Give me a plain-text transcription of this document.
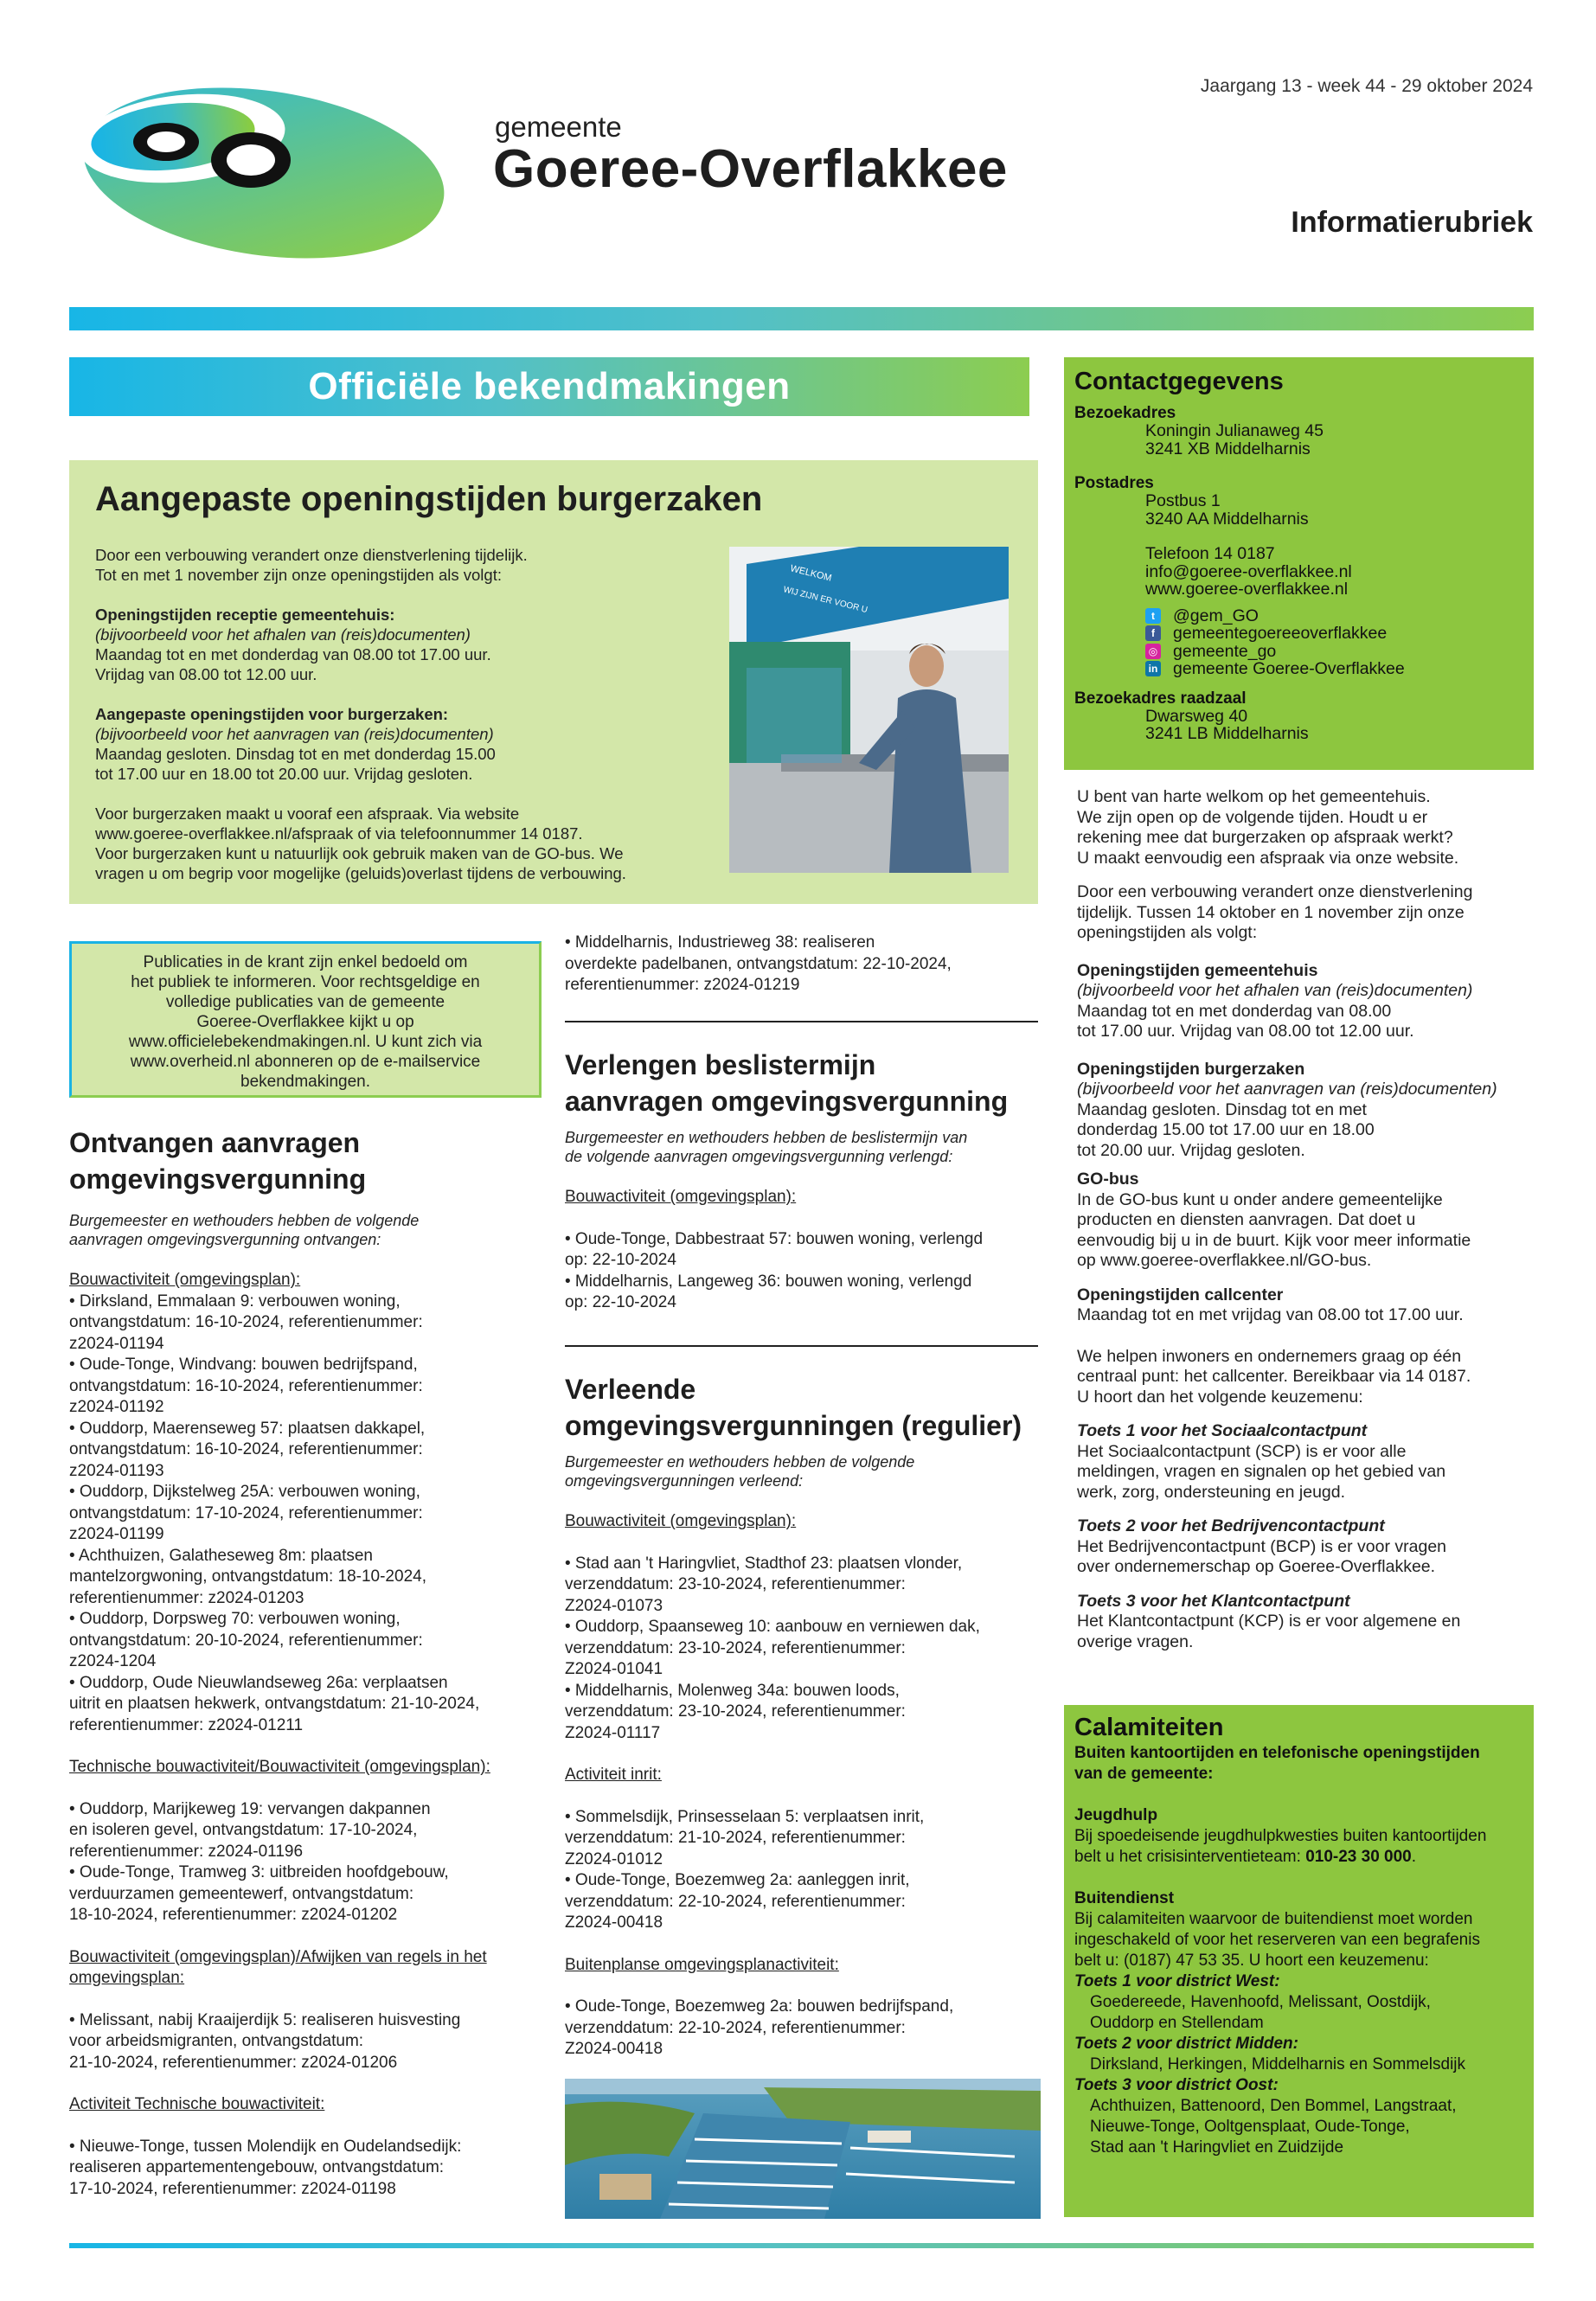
gemeente
Goeree-Overflakkee
Jaargang 13 - week 44 - 29 oktober 2024
Informatierubriek
Officiële bekendmakingen
Aangepaste openingstijden burgerzaken

Door een verbouwing verandert onze dienstverlening tijdelijk.
Tot en met 1 november zijn onze openingstijden als volgt:

Openingstijden receptie gemeentehuis:
(bijvoorbeeld voor het afhalen van (reis)documenten)
Maandag tot en met donderdag van 08.00 tot 17.00 uur.
Vrijdag van 08.00 tot 12.00 uur.

Aangepaste openingstijden voor burgerzaken:
(bijvoorbeeld voor het aanvragen van (reis)documenten)
Maandag gesloten. Dinsdag tot en met donderdag 15.00
tot 17.00 uur en 18.00 tot 20.00 uur. Vrijdag gesloten.

Voor burgerzaken maakt u vooraf een afspraak. Via website
www.goeree-overflakkee.nl/afspraak of via telefoonnummer 14 0187.
Voor burgerzaken kunt u natuurlijk ook gebruik maken van de GO-bus. We
vragen u om begrip voor mogelijke (geluids)overlast tijdens de verbouwing.

WELKOM
WIJ ZIJN ER VOOR U
Publicaties in de krant zijn enkel bedoeld om
het publiek te informeren. Voor rechtsgeldige en
volledige publicaties van de gemeente
Goeree-Overflakkee kijkt u op
www.officielebekendmakingen.nl. U kunt zich via
www.overheid.nl abonneren op de e-mailservice
bekendmakingen.
Ontvangen aanvragen
omgevingsvergunning
Burgemeester en wethouders hebben de volgende
aanvragen omgevingsvergunning ontvangen:
Bouwactiviteit (omgevingsplan):
• Dirksland, Emmalaan 9: verbouwen woning,
ontvangstdatum: 16-10-2024, referentienummer:
z2024-01194
• Oude-Tonge, Windvang: bouwen bedrijfspand,
ontvangstdatum: 16-10-2024, referentienummer:
z2024-01192
• Ouddorp, Maerenseweg 57: plaatsen dakkapel,
ontvangstdatum: 16-10-2024, referentienummer:
z2024-01193
• Ouddorp, Dijkstelweg 25A: verbouwen woning,
ontvangstdatum: 17-10-2024, referentienummer:
z2024-01199
• Achthuizen, Galatheseweg 8m: plaatsen
mantelzorgwoning, ontvangstdatum: 18-10-2024,
referentienummer: z2024-01203
• Ouddorp, Dorpsweg 70: verbouwen woning,
ontvangstdatum: 20-10-2024, referentienummer:
z2024-1204
• Ouddorp, Oude Nieuwlandseweg 26a: verplaatsen
uitrit en plaatsen hekwerk, ontvangstdatum: 21-10-2024,
referentienummer: z2024-01211
Technische bouwactiviteit/Bouwactiviteit (omgevingsplan):
• Ouddorp, Marijkeweg 19: vervangen dakpannen
en isoleren gevel, ontvangstdatum: 17-10-2024,
referentienummer: z2024-01196
• Oude-Tonge, Tramweg 3: uitbreiden hoofdgebouw,
verduurzamen gemeentewerf, ontvangstdatum:
18-10-2024, referentienummer: z2024-01202
Bouwactiviteit (omgevingsplan)/Afwijken van regels in het
omgevingsplan:
• Melissant, nabij Kraaijerdijk 5: realiseren huisvesting
voor arbeidsmigranten, ontvangstdatum:
21-10-2024, referentienummer: z2024-01206
Activiteit Technische bouwactiviteit:
• Nieuwe-Tonge, tussen Molendijk en Oudelandsedijk:
realiseren appartementengebouw, ontvangstdatum:
17-10-2024, referentienummer: z2024-01198
• Middelharnis, Industrieweg 38: realiseren
overdekte padelbanen, ontvangstdatum: 22-10-2024,
referentienummer: z2024-01219
Verlengen beslistermijn
aanvragen omgevingsvergunning
Burgemeester en wethouders hebben de beslistermijn van
de volgende aanvragen omgevingsvergunning verlengd:
Bouwactiviteit (omgevingsplan):
• Oude-Tonge, Dabbestraat 57: bouwen woning, verlengd
op: 22-10-2024
• Middelharnis, Langeweg 36: bouwen woning, verlengd
op: 22-10-2024
Verleende
omgevingsvergunningen (regulier)
Burgemeester en wethouders hebben de volgende
omgevingsvergunningen verleend:
Bouwactiviteit (omgevingsplan):
• Stad aan 't Haringvliet, Stadthof 23: plaatsen vlonder,
verzenddatum: 23-10-2024, referentienummer:
Z2024-01073
• Ouddorp, Spaanseweg 10: aanbouw en verniewen dak,
verzenddatum: 23-10-2024, referentienummer:
Z2024-01041
• Middelharnis, Molenweg 34a: bouwen loods,
verzenddatum: 23-10-2024, referentienummer:
Z2024-01117
Activiteit inrit:
• Sommelsdijk, Prinsesselaan 5: verplaatsen inrit,
verzenddatum: 21-10-2024, referentienummer:
Z2024-01012
• Oude-Tonge, Boezemweg 2a: aanleggen inrit,
verzenddatum: 22-10-2024, referentienummer:
Z2024-00418
Buitenplanse omgevingsplanactiviteit:
• Oude-Tonge, Boezemweg 2a: bouwen bedrijfspand,
verzenddatum: 22-10-2024, referentienummer:
Z2024-00418
Contactgegevens
Bezoekadres
Koningin Julianaweg 45
3241 XB Middelharnis
Postadres
Postbus 1
3240 AA Middelharnis
Telefoon 14 0187
info@goeree-overflakkee.nl
www.goeree-overflakkee.nl
t	@gem_GO
f	gemeentegoereeoverflakkee
◎ gemeente_go
in gemeente Goeree-Overflakkee
Bezoekadres raadzaal
Dwarsweg 40
3241 LB Middelharnis
U bent van harte welkom op het gemeentehuis.
We zijn open op de volgende tijden. Houdt u er
rekening mee dat burgerzaken op afspraak werkt?
U maakt eenvoudig een afspraak via onze website.
Door een verbouwing verandert onze dienstverlening
tijdelijk. Tussen 14 oktober en 1 november zijn onze
openingstijden als volgt:
Openingstijden gemeentehuis
(bijvoorbeeld voor het afhalen van (reis)documenten)
Maandag tot en met donderdag van 08.00
tot 17.00 uur. Vrijdag van 08.00 tot 12.00 uur.
Openingstijden burgerzaken
(bijvoorbeeld voor het aanvragen van (reis)documenten)
Maandag gesloten. Dinsdag tot en met
donderdag 15.00 tot 17.00 uur en 18.00
tot 20.00 uur. Vrijdag gesloten.
GO-bus
In de GO-bus kunt u onder andere gemeentelijke
producten en diensten aanvragen. Dat doet u
eenvoudig bij u in de buurt. Kijk voor meer informatie
op www.goeree-overflakkee.nl/GO-bus.
Openingstijden callcenter
Maandag tot en met vrijdag van 08.00 tot 17.00 uur.
We helpen inwoners en ondernemers graag op één
centraal punt: het callcenter. Bereikbaar via 14 0187.
U hoort dan het volgende keuzemenu:
Toets 1 voor het Sociaalcontactpunt
Het Sociaalcontactpunt (SCP) is er voor alle
meldingen, vragen en signalen op het gebied van
werk, zorg, ondersteuning en jeugd.
Toets 2 voor het Bedrijvencontactpunt
Het Bedrijvencontactpunt (BCP) is er voor vragen
over ondernemerschap op Goeree-Overflakkee.
Toets 3 voor het Klantcontactpunt
Het Klantcontactpunt (KCP) is er voor algemene en
overige vragen.
Calamiteiten
Buiten kantoortijden en telefonische openingstijden
van de gemeente:
Jeugdhulp
Bij spoedeisende jeugdhulpkwesties buiten kantoortijden
belt u het crisisinterventieteam: 010-23 30 000.
Buitendienst
Bij calamiteiten waarvoor de buitendienst moet worden
ingeschakeld of voor het reserveren van een begrafenis
belt u: (0187) 47 53 35. U hoort een keuzemenu:
Toets 1 voor district West:
Goedereede, Havenhoofd, Melissant, Oostdijk,
Ouddorp en Stellendam
Toets 2 voor district Midden:
Dirksland, Herkingen, Middelharnis en Sommelsdijk
Toets 3 voor district Oost:
Achthuizen, Battenoord, Den Bommel, Langstraat,
Nieuwe-Tonge, Ooltgensplaat, Oude-Tonge,
Stad aan 't Haringvliet en Zuidzijde
